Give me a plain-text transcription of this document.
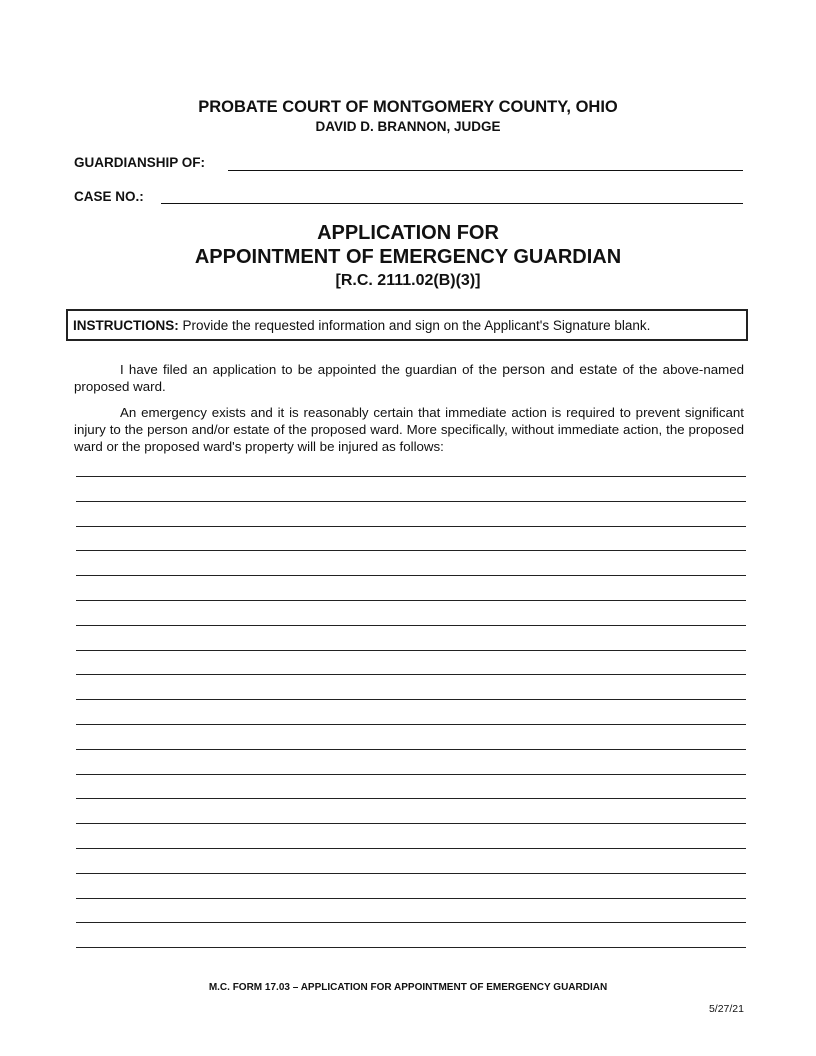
PROBATE COURT OF MONTGOMERY COUNTY, OHIO
DAVID D. BRANNON, JUDGE
GUARDIANSHIP OF:
CASE NO.:
APPLICATION FOR
APPOINTMENT OF EMERGENCY GUARDIAN
[R.C. 2111.02(B)(3)]
INSTRUCTIONS: Provide the requested information and sign on the Applicant's Signature blank.
I have filed an application to be appointed the guardian of the person and estate of the above-named proposed ward.
An emergency exists and it is reasonably certain that immediate action is required to prevent significant injury to the person and/or estate of the proposed ward. More specifically, without immediate action, the proposed ward or the proposed ward's property will be injured as follows:
M.C. FORM 17.03 – APPLICATION FOR APPOINTMENT OF EMERGENCY GUARDIAN
5/27/21
